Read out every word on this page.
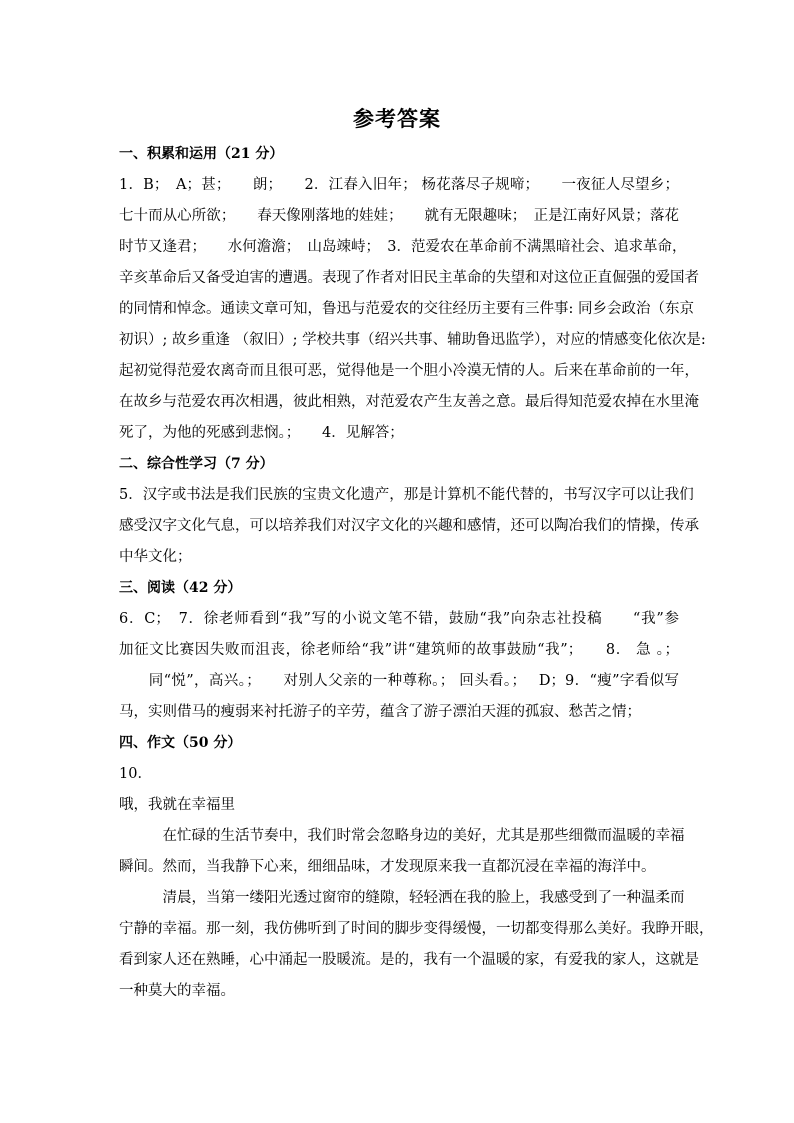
参考答案
一、积累和运用（21 分）
1．B；　A；甚；　　朗；　　2．江春入旧年； 杨花落尽子规啼；　　一夜征人尽望乡；
七十而从心所欲；　　春天像刚落地的娃娃；　　就有无限趣味；　正是江南好风景；落花
时节又逢君；　　水何澹澹；　山岛竦峙；　3．范爱农在革命前不满黑暗社会、追求革命，
辛亥革命后又备受迫害的遭遇。表现了作者对旧民主革命的失望和对这位正直倔强的爱国者
的同情和悼念。通读文章可知，鲁迅与范爱农的交往经历主要有三件事: 同乡会政治（东京
初识）; 故乡重逢 （叙旧）; 学校共事（绍兴共事、辅助鲁迅监学），对应的情感变化依次是:
起初觉得范爱农离奇而且很可恶，觉得他是一个胆小冷漠无情的人。后来在革命前的一年，
在故乡与范爱农再次相遇，彼此相熟，对范爱农产生友善之意。最后得知范爱农掉在水里淹
死了，为他的死感到悲悯。；　　4．见解答；
二、综合性学习（7 分）
5．汉字或书法是我们民族的宝贵文化遗产，那是计算机不能代替的，书写汉字可以让我们
感受汉字文化气息，可以培养我们对汉字文化的兴趣和感情，还可以陶冶我们的情操，传承
中华文化；
三、阅读（42 分）
6．C；　7．徐老师看到“我”写的小说文笔不错，鼓励“我”向杂志社投稿　　“我”参
加征文比赛因失败而沮丧，徐老师给“我”讲“建筑师的故事鼓励“我”；　　8． 急 。；
　　同“悦”，高兴。；　　对别人父亲的一种尊称。； 回头看。；　 D；9．“瘦”字看似写
马，实则借马的瘦弱来衬托游子的辛劳，蕴含了游子漂泊天涯的孤寂、愁苦之情；
四、作文（50 分）
10．
哦，我就在幸福里
　　　在忙碌的生活节奏中，我们时常会忽略身边的美好，尤其是那些细微而温暖的幸福
瞬间。然而，当我静下心来，细细品味，才发现原来我一直都沉浸在幸福的海洋中。
　　　清晨，当第一缕阳光透过窗帘的缝隙，轻轻洒在我的脸上，我感受到了一种温柔而
宁静的幸福。那一刻，我仿佛听到了时间的脚步变得缓慢，一切都变得那么美好。我睁开眼，
看到家人还在熟睡，心中涌起一股暖流。是的，我有一个温暖的家，有爱我的家人，这就是
一种莫大的幸福。
